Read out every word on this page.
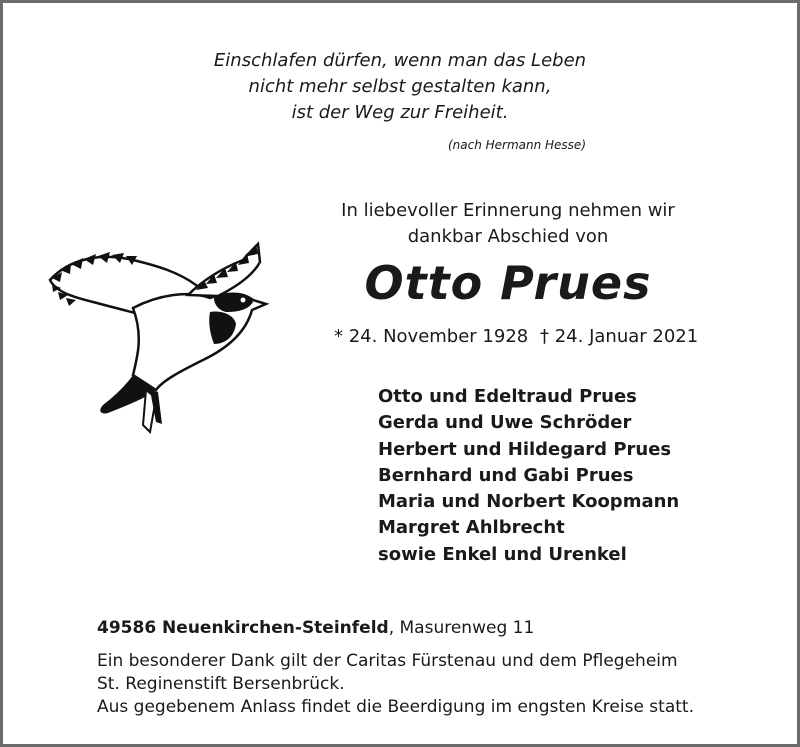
Einschlafen dürfen, wenn man das Leben
nicht mehr selbst gestalten kann,
ist der Weg zur Freiheit.
(nach Hermann Hesse)
In liebevoller Erinnerung nehmen wir
dankbar Abschied von
Otto Prues
* 24. November 1928 † 24. Januar 2021
Otto und Edeltraud Prues
Gerda und Uwe Schröder
Herbert und Hildegard Prues
Bernhard und Gabi Prues
Maria und Norbert Koopmann
Margret Ahlbrecht
sowie Enkel und Urenkel
49586 Neuenkirchen-Steinfeld, Masurenweg 11
Ein besonderer Dank gilt der Caritas Fürstenau und dem Pflegeheim
St. Reginenstift Bersenbrück.
Aus gegebenem Anlass findet die Beerdigung im engsten Kreise statt.
